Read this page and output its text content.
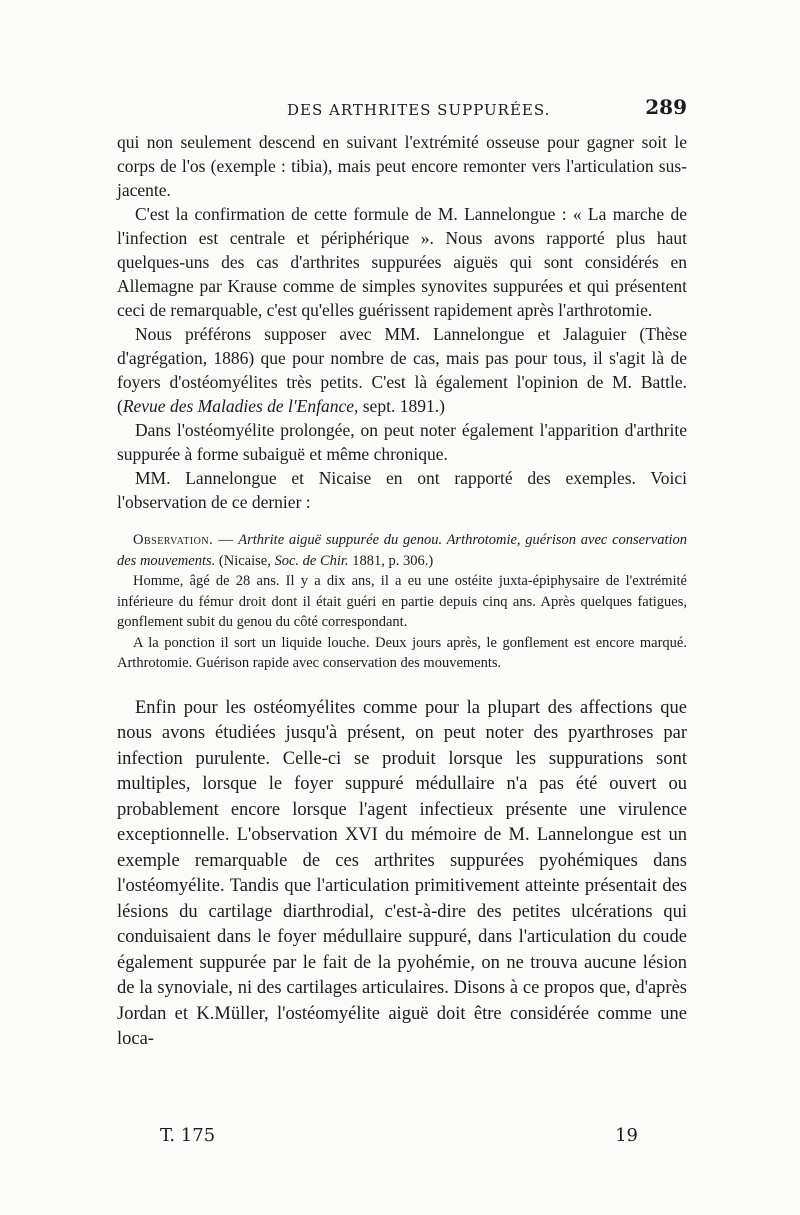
DES ARTHRITES SUPPURÉES.	289

qui non seulement descend en suivant l'extrémité osseuse pour gagner soit le corps de l'os (exemple : tibia), mais peut encore remonter vers l'articulation sus-jacente.

C'est la confirmation de cette formule de M. Lannelongue : « La marche de l'infection est centrale et périphérique ». Nous avons rapporté plus haut quelques-uns des cas d'arthrites suppurées aiguës qui sont considérés en Allemagne par Krause comme de simples synovites suppurées et qui présentent ceci de remarquable, c'est qu'elles guérissent rapidement après l'arthrotomie.

Nous préférons supposer avec MM. Lannelongue et Jalaguier (Thèse d'agrégation, 1886) que pour nombre de cas, mais pas pour tous, il s'agit là de foyers d'ostéomyélites très petits. C'est là également l'opinion de M. Battle. (Revue des Maladies de l'Enfance, sept. 1891.)

Dans l'ostéomyélite prolongée, on peut noter également l'apparition d'arthrite suppurée à forme subaiguë et même chronique.

MM. Lannelongue et Nicaise en ont rapporté des exemples. Voici l'observation de ce dernier :

Observation. — Arthrite aiguë suppurée du genou. Arthrotomie, guérison avec conservation des mouvements. (Nicaise, Soc. de Chir. 1881, p. 306.)

Homme, âgé de 28 ans. Il y a dix ans, il a eu une ostéite juxta-épiphysaire de l'extrémité inférieure du fémur droit dont il était guéri en partie depuis cinq ans. Après quelques fatigues, gonflement subit du genou du côté correspondant.

A la ponction il sort un liquide louche. Deux jours après, le gonflement est encore marqué. Arthrotomie. Guérison rapide avec conservation des mouvements.

Enfin pour les ostéomyélites comme pour la plupart des affections que nous avons étudiées jusqu'à présent, on peut noter des pyarthroses par infection purulente. Celle-ci se produit lorsque les suppurations sont multiples, lorsque le foyer suppuré médullaire n'a pas été ouvert ou probablement encore lorsque l'agent infectieux présente une virulence exceptionnelle. L'observation XVI du mémoire de M. Lannelongue est un exemple remarquable de ces arthrites suppurées pyohémiques dans l'ostéomyélite. Tandis que l'articulation primitivement atteinte présentait des lésions du cartilage diarthrodial, c'est-à-dire des petites ulcérations qui conduisaient dans le foyer médullaire suppuré, dans l'articulation du coude également suppurée par le fait de la pyohémie, on ne trouva aucune lésion de la synoviale, ni des cartilages articulaires. Disons à ce propos que, d'après Jordan et K.Müller, l'ostéomyélite aiguë doit être considérée comme une loca-

T. 175	19
